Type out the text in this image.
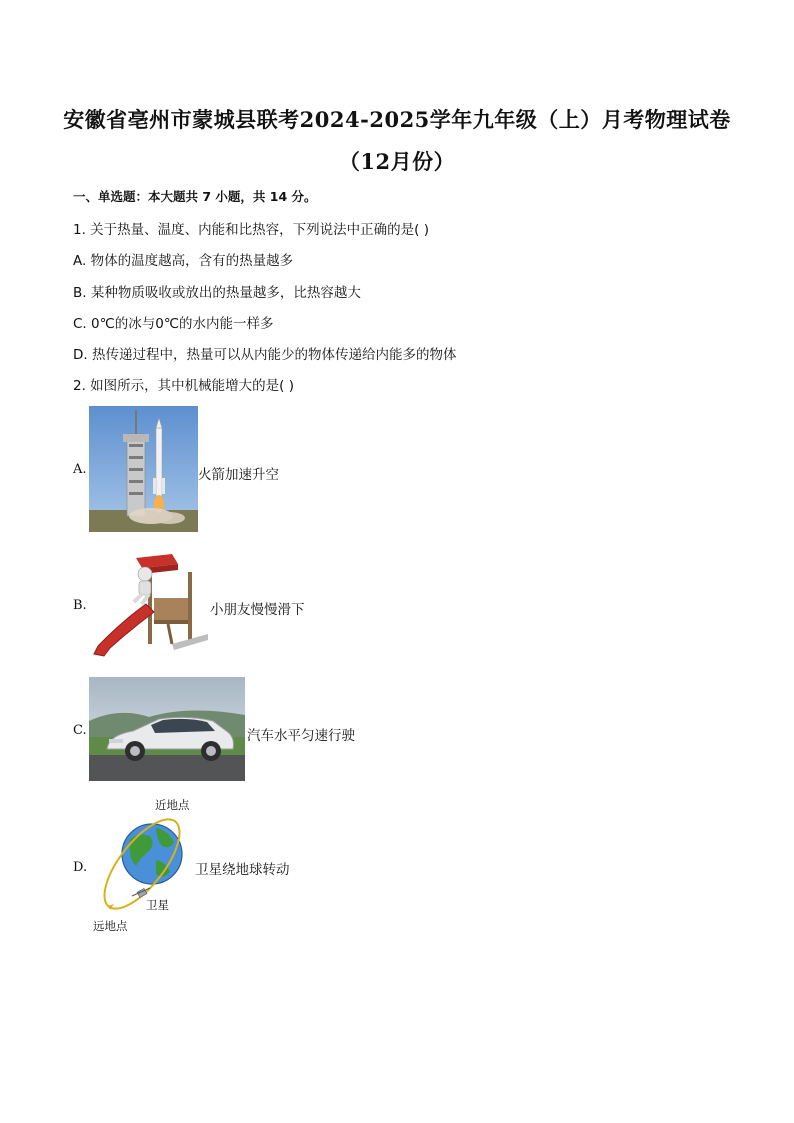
安徽省亳州市蒙城县联考2024-2025学年九年级（上）月考物理试卷
（12月份）
一、单选题：本大题共 7 小题，共 14 分。
1. 关于热量、温度、内能和比热容，下列说法中正确的是( )
A. 物体的温度越高，含有的热量越多
B. 某种物质吸收或放出的热量越多，比热容越大
C. 0℃的冰与0℃的水内能一样多
D. 热传递过程中，热量可以从内能少的物体传递给内能多的物体
2. 如图所示，其中机械能增大的是( )
A.	火箭加速升空
B.	小朋友慢慢滑下
C.	汽车水平匀速行驶
D.
近地点
卫星
远地点
卫星绕地球转动
